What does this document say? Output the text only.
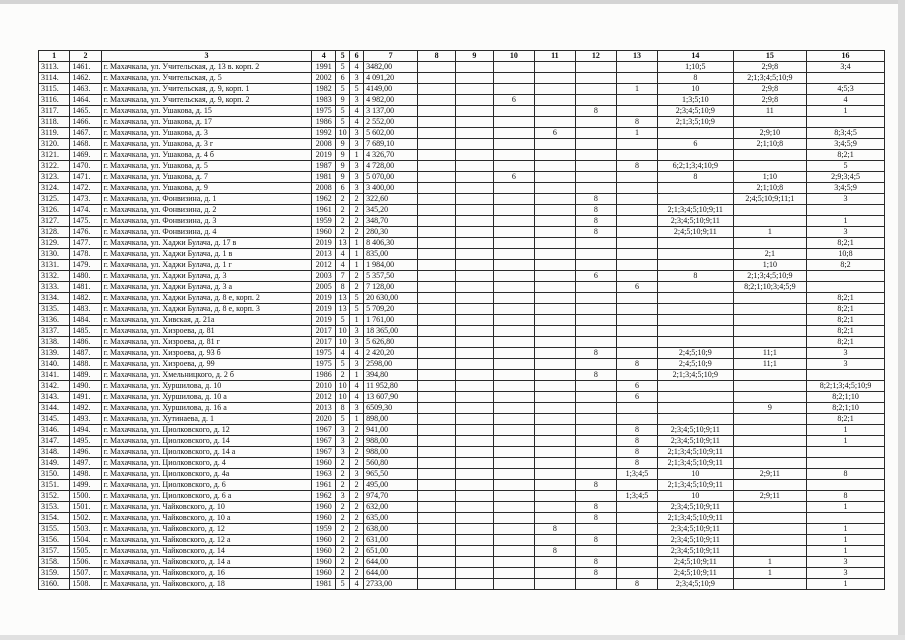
1	2	3	4	5	6	7	8	9	10	11	12	13	14	15	16
3113.	1461.	г. Махачкала, ул. Учительская, д. 13 в. корп. 2	1991	5	4	3482,00							1;10;5	2;9;8	3;4
3114.	1462.	г. Махачкала, ул. Учительская, д. 5	2002	6	3	4 091,20							8	2;1;3;4;5;10;9	
3115.	1463.	г. Махачкала, ул. Учительская, д. 9, корп. 1	1982	5	5	4149,00						1	10	2;9;8	4;5;3
3116.	1464.	г. Махачкала, ул. Учительская, д. 9, корп. 2	1983	9	3	4 982,00			6				1;3;5;10	2;9;8	4
3117.	1465.	г. Махачкала, ул. Ушакова, д. 15	1975	5	4	3 137,00					8		2;3;4;5;10;9	11	1
3118.	1466.	г. Махачкала, ул. Ушакова, д. 17	1986	5	4	2 552,00						8	2;1;3;5;10;9		
3119.	1467.	г. Махачкала, ул. Ушакова, д. 3	1992	10	3	5 602,00				6		1		2;9;10	8;3;4;5
3120.	1468.	г. Махачкала, ул. Ушакова, д. 3 г	2008	9	3	7 689,10							6	2;1;10;8	3;4;5;9
3121.	1469.	г. Махачкала, ул. Ушакова, д. 4 б	2019	9	1	4 326,70									8;2;1
3122.	1470.	г. Махачкала, ул. Ушакова, д. 5	1987	9	3	4 728,00						8	6;2;1;3;4;10;9		5
3123.	1471.	г. Махачкала, ул. Ушакова, д. 7	1981	9	3	5 070,00			6				8	1;10	2;9;3;4;5
3124.	1472.	г. Махачкала, ул. Ушакова, д. 9	2008	6	3	3 400,00								2;1;10;8	3;4;5;9
3125.	1473.	г. Махачкала, ул. Фонвизина, д. 1	1962	2	2	322,60					8			2;4;5;10;9;11;1	3
3126.	1474.	г. Махачкала, ул. Фонвизина, д. 2	1961	2	2	345,20					8		2;1;3;4;5;10;9;11		
3127.	1475.	г. Махачкала, ул. Фонвизина, д. 3	1959	2	2	348,70					8		2;3;4;5;10;9;11		1
3128.	1476.	г. Махачкала, ул. Фонвизина, д. 4	1960	2	2	280,30					8		2;4;5;10;9;11	1	3
3129.	1477.	г. Махачкала, ул. Хаджи Булача, д. 17 в	2019	13	1	8 406,30									8;2;1
3130.	1478.	г. Махачкала, ул. Хаджи Булача, д. 1 в	2013	4	1	835,00								2;1	10;8
3131.	1479.	г. Махачкала, ул. Хаджи Булача, д. 1 г	2012	4	1	1 984,00								1;10	8;2
3132.	1480.	г. Махачкала, ул. Хаджи Булача, д. 3	2003	7	2	5 357,50					6		8	2;1;3;4;5;10;9	
3133.	1481.	г. Махачкала, ул. Хаджи Булача, д. 3 а	2005	8	2	7 128,00						6		8;2;1;10;3;4;5;9	
3134.	1482.	г. Махачкала, ул. Хаджи Булача, д. 8 е, корп. 2	2019	13	5	20 630,00									8;2;1
3135.	1483.	г. Махачкала, ул. Хаджи Булача, д. 8 е, корп. 3	2019	13	5	5 709,20									8;2;1
3136.	1484.	г. Махачкала, ул. Хивская, д. 21а	2019	5	1	1 761,00									8;2;1
3137.	1485.	г. Махачкала, ул. Хизроева, д. 81	2017	10	3	18 365,00									8;2;1
3138.	1486.	г. Махачкала, ул. Хизроева, д. 81 г	2017	10	3	5 626,80									8;2;1
3139.	1487.	г. Махачкала, ул. Хизроева, д. 93 б	1975	4	4	2 420,20					8		2;4;5;10;9	11;1	3
3140.	1488.	г. Махачкала, ул. Хизроева, д. 99	1975	5	3	2598,00						8	2;4;5;10;9	11;1	3
3141.	1489.	г. Махачкала, ул. Хмельницкого, д. 2 б	1986	2	1	394,80					8		2;1;3;4;5;10;9		
3142.	1490.	г. Махачкала, ул. Хуршилова, д. 10	2010	10	4	11 952,80						6			8;2;1;3;4;5;10;9
3143.	1491.	г. Махачкала, ул. Хуршилова, д. 10 а	2012	10	4	13 607,90						6			8;2;1;10
3144.	1492.	г. Махачкала, ул. Хуршилова, д. 16 а	2013	8	3	6509,30								9	8;2;1;10
3145.	1493.	г. Махачкала, ул. Хутинаева, д. 1	2020	5	1	898,00									8;2;1
3146.	1494.	г. Махачкала, ул. Циолковского, д. 12	1967	3	2	941,00						8	2;3;4;5;10;9;11		1
3147.	1495.	г. Махачкала, ул. Циолковского, д. 14	1967	3	2	988,00						8	2;3;4;5;10;9;11		1
3148.	1496.	г. Махачкала, ул. Циолковского, д. 14 а	1967	3	2	988,00						8	2;1;3;4;5;10;9;11		
3149.	1497.	г. Махачкала, ул. Циолковского, д. 4	1960	2	2	560,80						8	2;1;3;4;5;10;9;11		
3150.	1498.	г. Махачкала, ул. Циолковского, д. 4а	1963	2	3	965,50						1;3;4;5	10	2;9;11	8
3151.	1499.	г. Махачкала, ул. Циолковского, д. 6	1961	2	2	495,00					8		2;1;3;4;5;10;9;11		
3152.	1500.	г. Махачкала, ул. Циолковского, д. 6 а	1962	3	2	974,70						1;3;4;5	10	2;9;11	8
3153.	1501.	г. Махачкала, ул. Чайковского, д. 10	1960	2	2	632,00					8		2;3;4;5;10;9;11		1
3154.	1502.	г. Махачкала, ул. Чайковского, д. 10 а	1960	2	2	635,00					8		2;1;3;4;5;10;9;11		
3155.	1503.	г. Махачкала, ул. Чайковского, д. 12	1959	2	2	638,00				8			2;3;4;5;10;9;11		1
3156.	1504.	г. Махачкала, ул. Чайковского, д. 12 а	1960	2	2	631,00					8		2;3;4;5;10;9;11		1
3157.	1505.	г. Махачкала, ул. Чайковского, д. 14	1960	2	2	651,00				8			2;3;4;5;10;9;11		1
3158.	1506.	г. Махачкала, ул. Чайковского, д. 14 а	1960	2	2	644,00					8		2;4;5;10;9;11	1	3
3159.	1507.	г. Махачкала, ул. Чайковского, д. 16	1960	2	2	644,00					8		2;4;5;10;9;11	1	3
3160.	1508.	г. Махачкала, ул. Чайковского, д. 18	1981	5	4	2733,00						8	2;3;4;5;10;9		1
